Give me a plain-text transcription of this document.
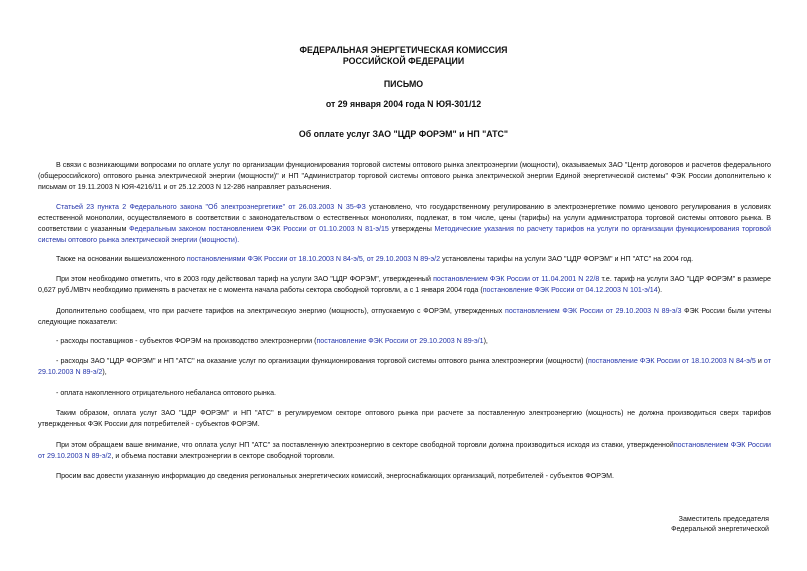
ФЕДЕРАЛЬНАЯ ЭНЕРГЕТИЧЕСКАЯ КОМИССИЯ
РОССИЙСКОЙ ФЕДЕРАЦИИ
ПИСЬМО
от 29 января 2004 года N ЮЯ-301/12
Об оплате услуг ЗАО "ЦДР ФОРЭМ" и НП "АТС"
В связи с возникающими вопросами по оплате услуг по организации функционирования торговой системы оптового рынка электроэнергии (мощности), оказываемых ЗАО "Центр договоров и расчетов федерального (общероссийского) оптового рынка электрической энергии (мощности)" и НП "Администратор торговой системы оптового рынка электрической энергии Единой энергетической системы" ФЭК России дополнительно к письмам от 19.11.2003 N ЮЯ-4216/11 и от 25.12.2003 N 12-286 направляет разъяснения.
Статьей 23 пункта 2 Федерального закона "Об электроэнергетике" от 26.03.2003 N 35-ФЗ установлено, что государственному регулированию в электроэнергетике помимо ценового регулирования в условиях естественной монополии, осуществляемого в соответствии с законодательством о естественных монополиях, подлежат, в том числе, цены (тарифы) на услуги администратора торговой системы оптового рынка. В соответствии с указанным Федеральным законом постановлением ФЭК России от 01.10.2003 N 81-э/15 утверждены Методические указания по расчету тарифов на услуги по организации функционирования торговой системы оптового рынка электрической энергии (мощности).
Также на основании вышеизложенного постановлениями ФЭК России от 18.10.2003 N 84-э/5, от 29.10.2003 N 89-э/2 установлены тарифы на услуги ЗАО "ЦДР ФОРЭМ" и НП "АТС" на 2004 год.
При этом необходимо отметить, что в 2003 году действовал тариф на услуги ЗАО "ЦДР ФОРЭМ", утвержденный постановлением ФЭК России от 11.04.2001 N 22/8 т.е. тариф на услуги ЗАО "ЦДР ФОРЭМ" в размере 0,627 руб./МВтч необходимо применять в расчетах не с момента начала работы сектора свободной торговли, а с 1 января 2004 года (постановление ФЭК России от 04.12.2003 N 101-э/14).
Дополнительно сообщаем, что при расчете тарифов на электрическую энергию (мощность), отпускаемую с ФОРЭМ, утвержденных постановлением ФЭК России от 29.10.2003 N 89-э/3 ФЭК России были учтены следующие показатели:
- расходы поставщиков - субъектов ФОРЭМ на производство электроэнергии (постановление ФЭК России от 29.10.2003 N 89-э/1),
- расходы ЗАО "ЦДР ФОРЭМ" и НП "АТС" на оказание услуг по организации функционирования торговой системы оптового рынка электроэнергии (мощности) (постановление ФЭК России от 18.10.2003 N 84-э/5 и от 29.10.2003 N 89-э/2),
- оплата накопленного отрицательного небаланса оптового рынка.
Таким образом, оплата услуг ЗАО "ЦДР ФОРЭМ" и НП "АТС" в регулируемом секторе оптового рынка при расчете за поставленную электроэнергию (мощность) не должна производиться сверх тарифов утвержденных ФЭК России для потребителей - субъектов ФОРЭМ.
При этом обращаем ваше внимание, что оплата услуг НП "АТС" за поставленную электроэнергию в секторе свободной торговли должна производиться исходя из ставки, утвержденнойпостановлением ФЭК России от 29.10.2003 N 89-э/2, и объема поставки электроэнергии в секторе свободной торговли.
Просим вас довести указанную информацию до сведения региональных энергетических комиссий, энергоснабжающих организаций, потребителей - субъектов ФОРЭМ.
Заместитель председателя
Федеральной энергетической
